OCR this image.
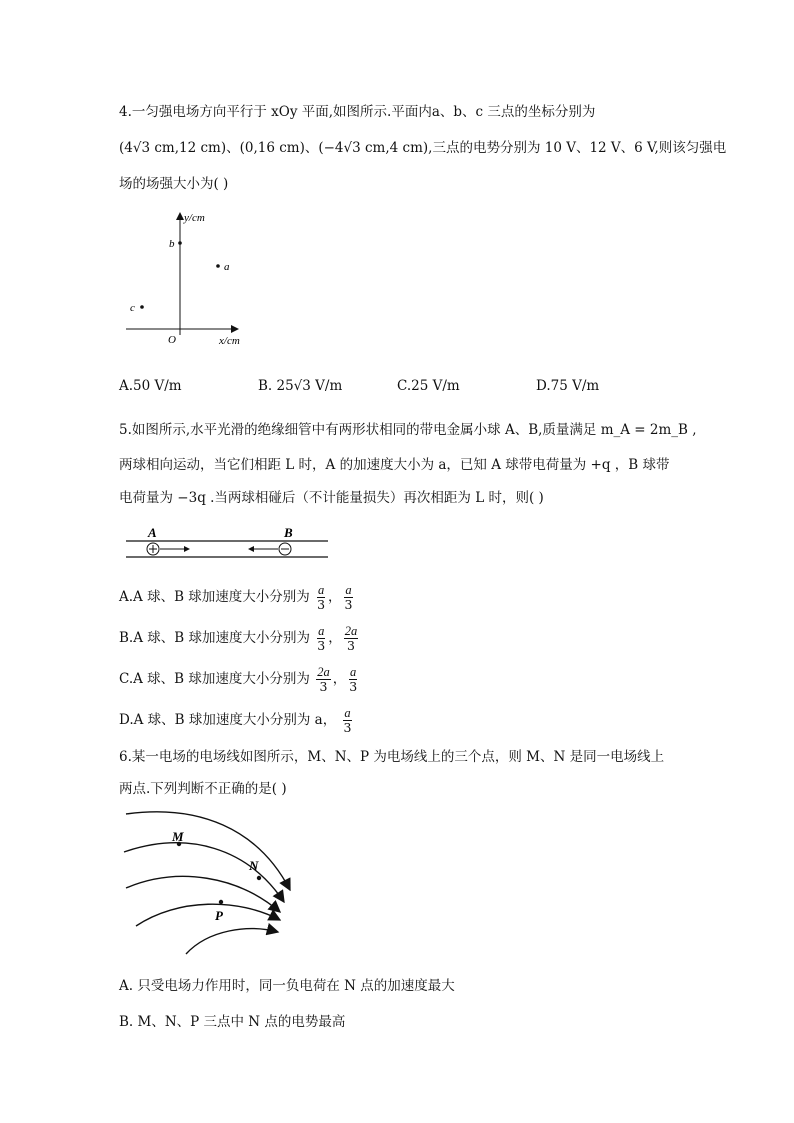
4.一匀强电场方向平行于 xOy 平面,如图所示.平面内a、b、c 三点的坐标分别为
(4√3 cm,12 cm)、(0,16 cm)、(−4√3 cm,4 cm),三点的电势分别为 10 V、12 V、6 V,则该匀强电
场的场强大小为( )
y/cm
x/cm
O
b
a
c
A.50 V/m	B. 25√3 V/m	C.25 V/m	D.75 V/m
5.如图所示,水平光滑的绝缘细管中有两形状相同的带电金属小球 A、B,质量满足 m_A = 2m_B ,
两球相向运动，当它们相距 L 时，A 的加速度大小为 a，已知 A 球带电荷量为 +q ，B 球带
电荷量为 −3q .当两球相碰后（不计能量损失）再次相距为 L 时，则( )
A	B
A.A 球、B 球加速度大小分别为 $\frac{a}{3}$ ， $\frac{a}{3}$
B.A 球、B 球加速度大小分别为 $\frac{a}{3}$ ， $\frac{2a}{3}$
C.A 球、B 球加速度大小分别为 $\frac{2a}{3}$ ， $\frac{a}{3}$
D.A 球、B 球加速度大小分别为 a， $\frac{a}{3}$
6.某一电场的电场线如图所示，M、N、P 为电场线上的三个点，则 M、N 是同一电场线上
两点.下列判断不正确的是( )
M
N
P
A. 只受电场力作用时，同一负电荷在 N 点的加速度最大
B. M、N、P 三点中 N 点的电势最高
